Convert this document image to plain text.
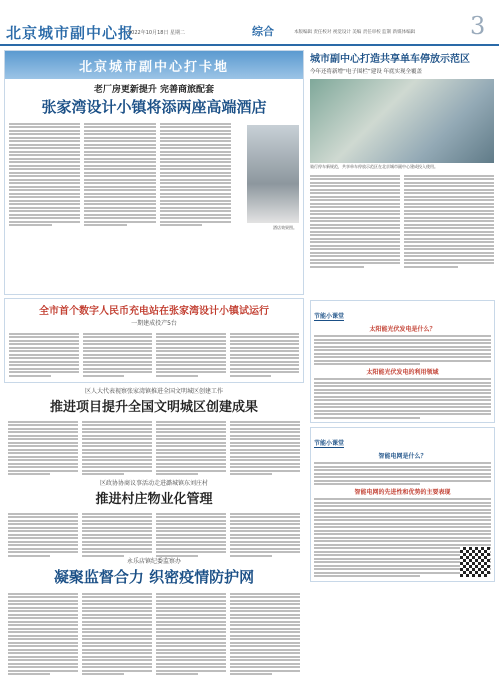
北京城市副中心报
2022年10月18日 星期二	综合	本版编辑 责任校对 视觉设计 美编 责任审校 监制 新媒体编辑	3
北京城市副中心打卡地
老厂房更新提升 完善商旅配套
张家湾设计小镇将添两座高端酒店
酒店效果图。
城市副中心打造共享单车停放示范区
今年还将新增“电子围栏”建设 年底实现全覆盖
骑行停车新规范，共享单车停放示范区在北京城市副中心建成投入使用。
全市首个数字人民币充电站在张家湾设计小镇试运行
一期建成投产5台
区人大代表视察张家湾镇推进全国文明城区创建工作
推进项目提升全国文明城区创建成果
区政协协商议事活动走进潞城镇东刘庄村
推进村庄物业化管理
永乐店镇纪委监察办
凝聚监督合力 织密疫情防护网
节能小课堂
太阳能光伏发电是什么？
太阳能光伏发电的利用领域
节能小课堂
智能电网是什么？
智能电网的先进性和优势的主要表现
